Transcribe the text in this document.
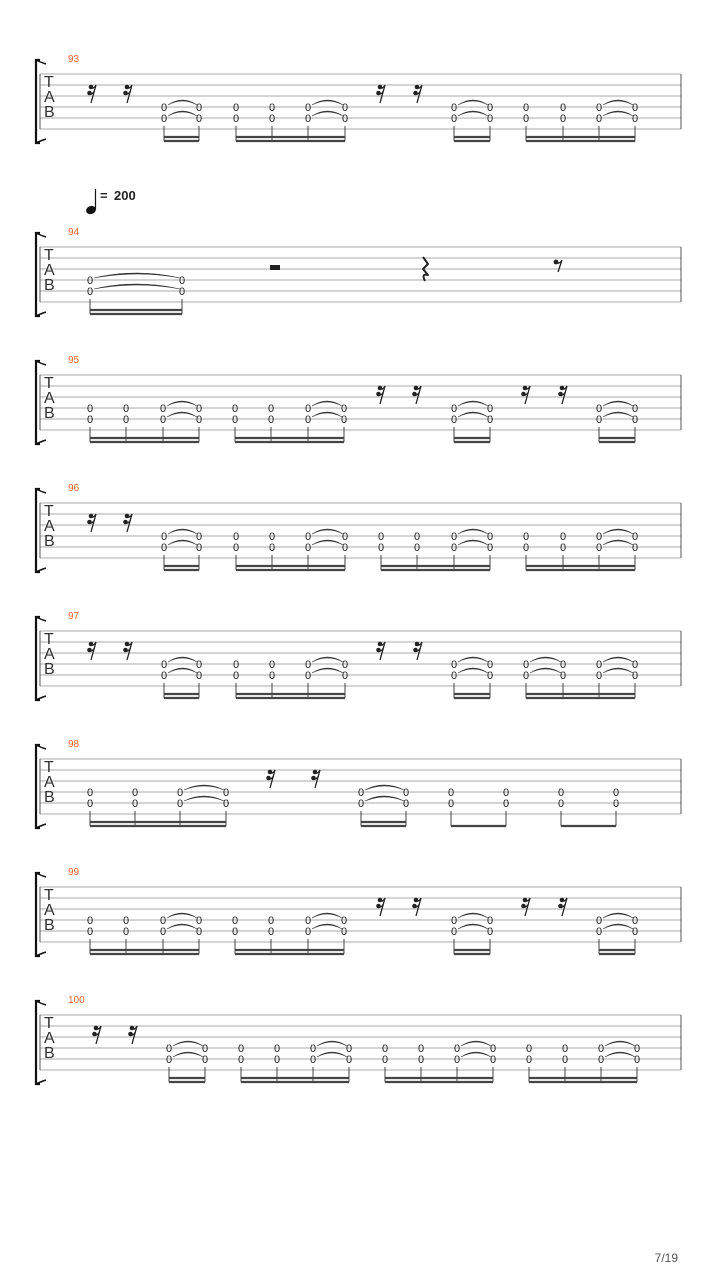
T
A
B
93
0
0
0
0
0
0
0
0
0
0
0
0
0
0
0
0
0
0
0
0
0
0
0
0
T
A
B
94
= 200
0
0
0
0
T
A
B
95
0
0
0
0
0
0
0
0
0
0
0
0
0
0
0
0
0
0
0
0
0
0
0
0
T
A
B
96
0
0
0
0
0
0
0
0
0
0
0
0
0
0
0
0
0
0
0
0
0
0
0
0
0
0
0
0
T
A
B
97
0
0
0
0
0
0
0
0
0
0
0
0
0
0
0
0
0
0
0
0
0
0
0
0
T
A
B
98
0
0
0
0
0
0
0
0
0
0
0
0
0
0
0
0
0
0
0
0
T
A
B
99
0
0
0
0
0
0
0
0
0
0
0
0
0
0
0
0
0
0
0
0
0
0
0
0
T
A
B
100
0
0
0
0
0
0
0
0
0
0
0
0
0
0
0
0
0
0
0
0
0
0
0
0
0
0
0
0
7/19
